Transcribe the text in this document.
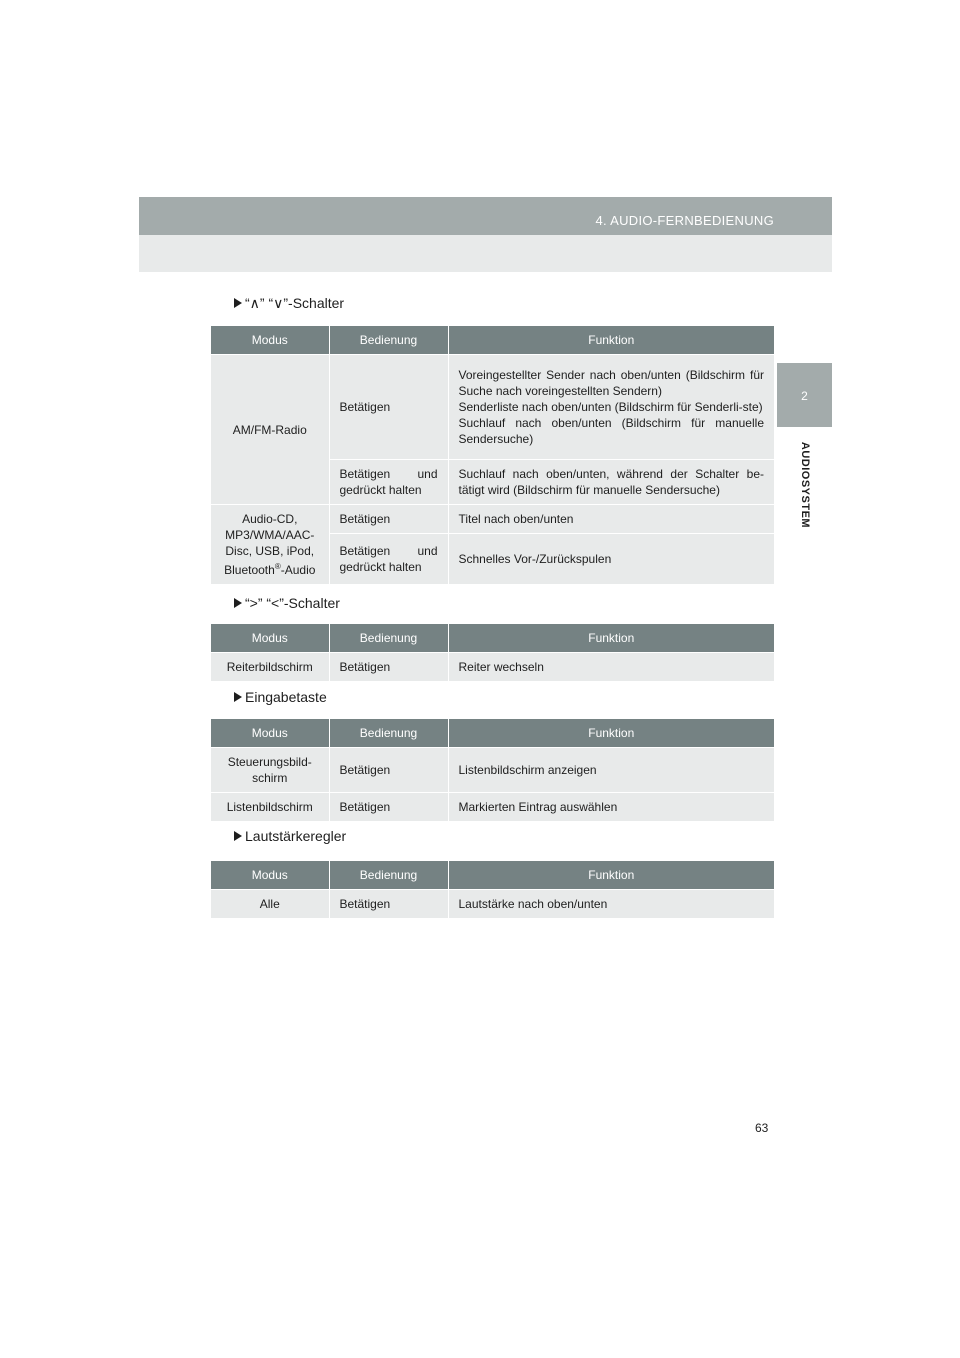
4. AUDIO-FERNBEDIENUNG
2
AUDIOSYSTEM
“∧” “∨”-Schalter
Modus	Bedienung	Funktion
AM/FM-Radio	Betätigen	Voreingestellter Sender nach oben/unten (Bildschirm für Suche nach voreingestellten Sendern)
Senderliste nach oben/unten (Bildschirm für Senderli-ste)
Suchlauf nach oben/unten (Bildschirm für manuelle Sendersuche)
	Betätigen und gedrückt halten	Suchlauf nach oben/unten, während der Schalter be-tätigt wird (Bildschirm für manuelle Sendersuche)
Audio-CD, MP3/WMA/AAC-Disc, USB, iPod, Bluetooth®-Audio	Betätigen	Titel nach oben/unten
	Betätigen und gedrückt halten	Schnelles Vor-/Zurückspulen
“>” “<”-Schalter
Modus	Bedienung	Funktion
Reiterbildschirm	Betätigen	Reiter wechseln
Eingabetaste
Modus	Bedienung	Funktion
Steuerungsbild-schirm	Betätigen	Listenbildschirm anzeigen
Listenbildschirm	Betätigen	Markierten Eintrag auswählen
Lautstärkeregler
Modus	Bedienung	Funktion
Alle	Betätigen	Lautstärke nach oben/unten
63
